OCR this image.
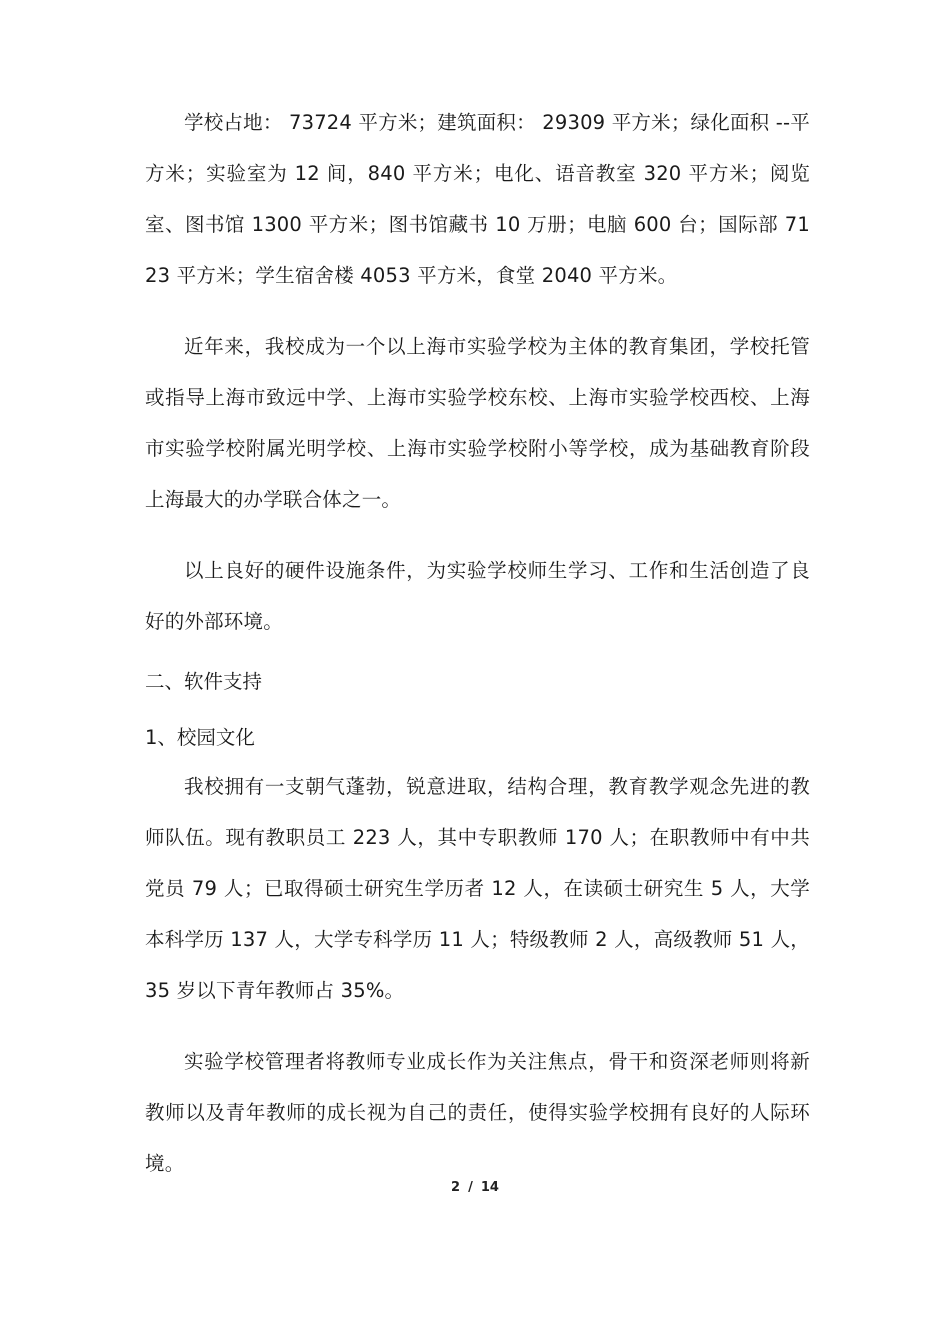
学校占地： 73724 平方米；建筑面积： 29309 平方米；绿化面积 --平方米；实验室为 12 间，840 平方米；电化、语音教室 320 平方米；阅览室、图书馆 1300 平方米；图书馆藏书 10 万册；电脑 600 台；国际部 7123 平方米；学生宿舍楼 4053 平方米，食堂 2040 平方米。

近年来，我校成为一个以上海市实验学校为主体的教育集团，学校托管或指导上海市致远中学、上海市实验学校东校、上海市实验学校西校、上海市实验学校附属光明学校、上海市实验学校附小等学校，成为基础教育阶段上海最大的办学联合体之一。

以上良好的硬件设施条件，为实验学校师生学习、工作和生活创造了良好的外部环境。

二、软件支持

1、校园文化

我校拥有一支朝气蓬勃，锐意进取，结构合理，教育教学观念先进的教师队伍。现有教职员工 223 人，其中专职教师 170 人；在职教师中有中共党员 79 人；已取得硕士研究生学历者 12 人，在读硕士研究生 5 人，大学本科学历 137 人，大学专科学历 11 人；特级教师 2 人，高级教师 51 人，35 岁以下青年教师占 35%。

实验学校管理者将教师专业成长作为关注焦点，骨干和资深老师则将新教师以及青年教师的成长视为自己的责任，使得实验学校拥有良好的人际环境。

2 / 14
